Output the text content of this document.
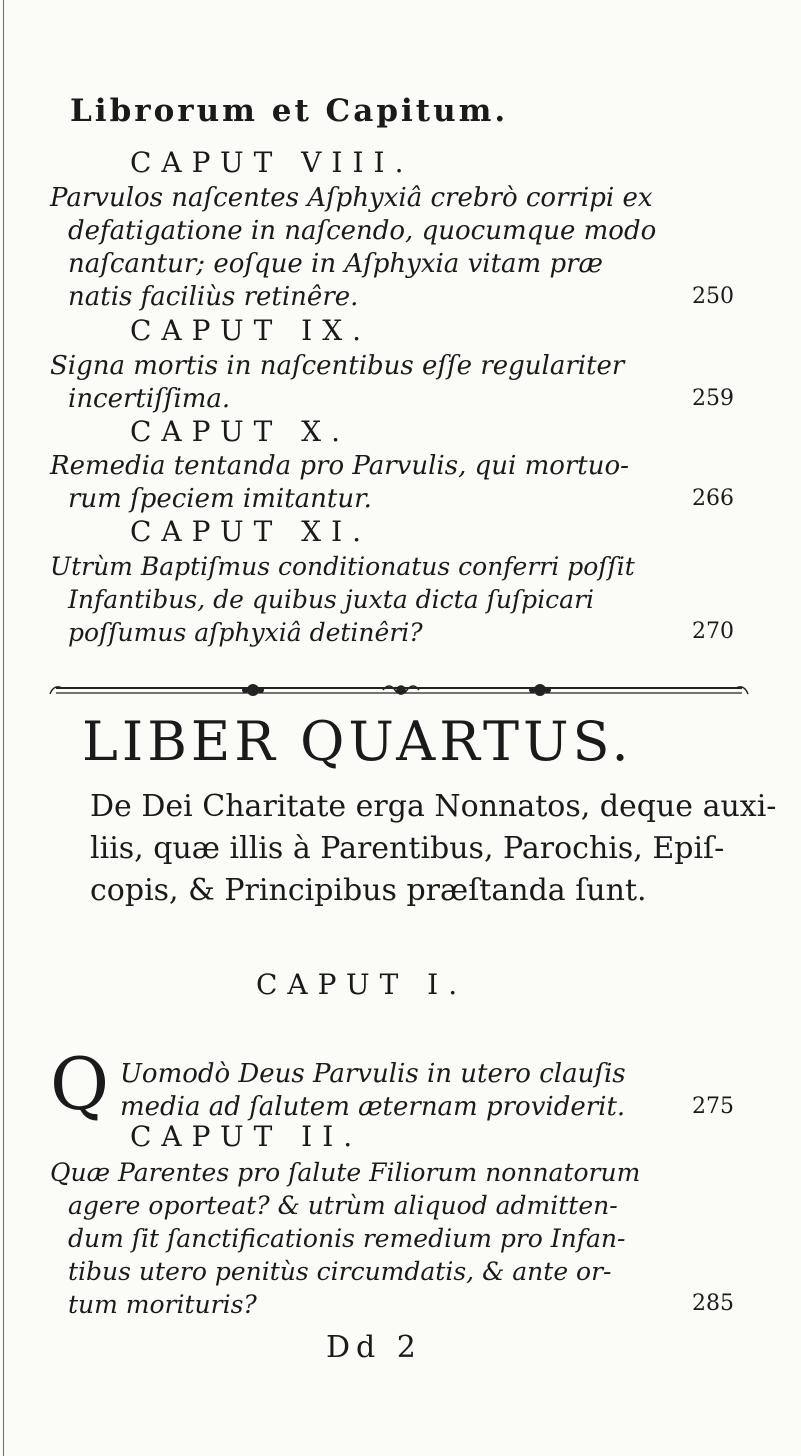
Librorum et Capitum.
CAPUT VIII.
Parvulos naſcentes Aſphyxiâ crebrò corripi ex
defatigatione in naſcendo, quocumque modo
naſcantur; eoſque in Aſphyxia vitam præ
natis faciliùs retinêre.	250
CAPUT IX.
Signa mortis in naſcentibus eſſe regulariter
incertiſſima.	259
CAPUT X.
Remedia tentanda pro Parvulis, qui mortuo-
rum ſpeciem imitantur.	266
CAPUT XI.
Utrùm Baptiſmus conditionatus conferri poſſit
Infantibus, de quibus juxta dicta ſuſpicari
poſſumus aſphyxiâ detinêri?	270
LIBER QUARTUS.
De Dei Charitate erga Nonnatos, deque auxi-
liis, quæ illis à Parentibus, Parochis, Epiſ-
copis, & Principibus præſtanda ſunt.
CAPUT I.
Q Uomodò Deus Parvulis in utero clauſis
media ad ſalutem æternam providerit.	275
CAPUT II.
Quæ Parentes pro ſalute Filiorum nonnatorum
agere oporteat? & utrùm aliquod admitten-
dum ſit ſanctificationis remedium pro Infan-
tibus utero penitùs circumdatis, & ante or-
tum morituris?	285
Dd 2
